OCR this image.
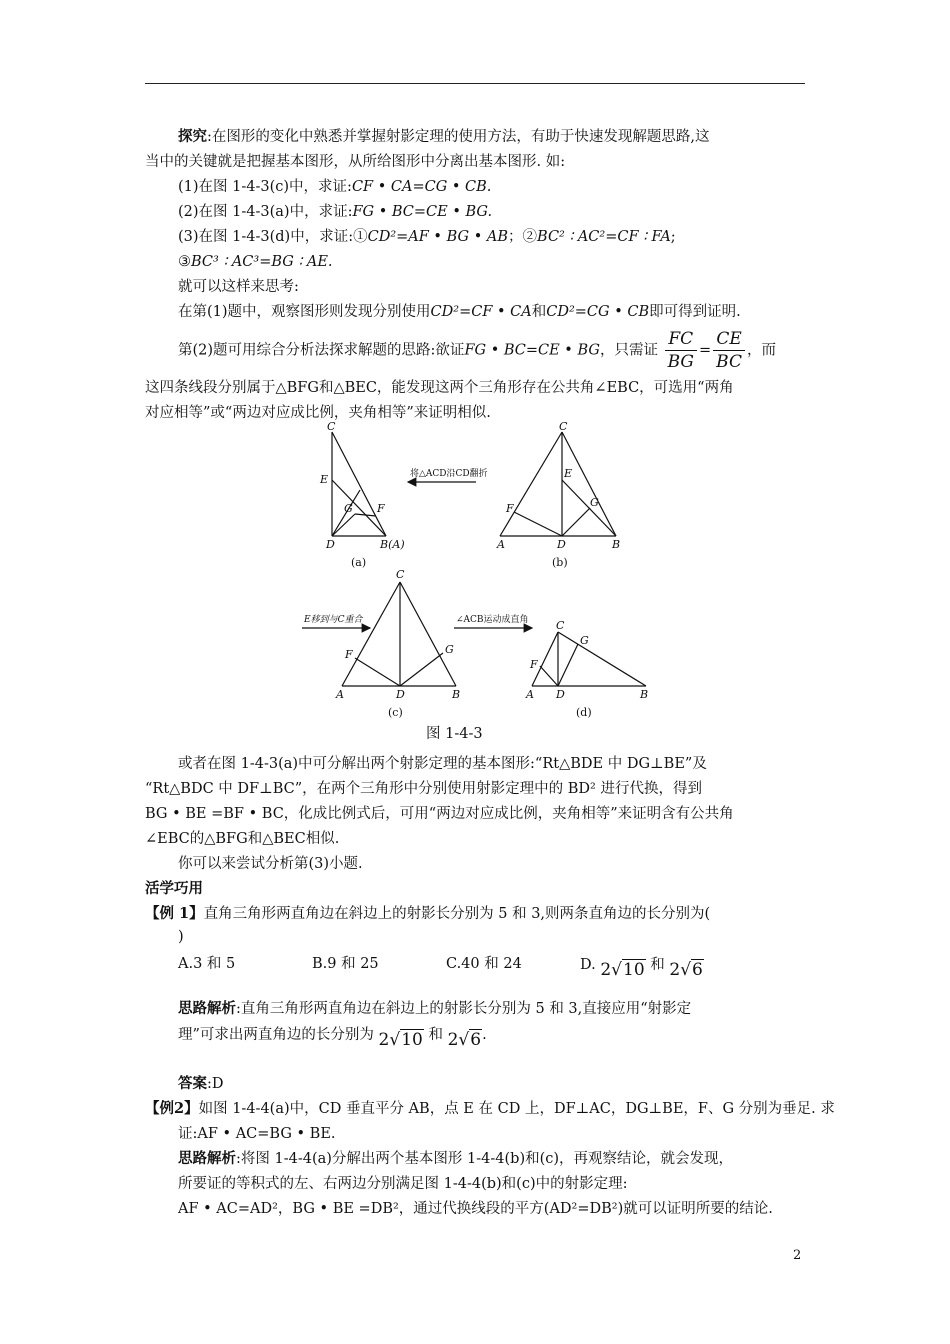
探究:在图形的变化中熟悉并掌握射影定理的使用方法，有助于快速发现解题思路,这
当中的关键就是把握基本图形，从所给图形中分离出基本图形. 如:
(1)在图 1-4-3(c)中，求证:CF • CA=CG • CB.
(2)在图 1-4-3(a)中，求证:FG • BC=CE • BG.
(3)在图 1-4-3(d)中，求证:①CD²=AF • BG • AB；②BC² ∶ AC²=CF ∶ FA;
③BC³ ∶ AC³=BG ∶ AE.
就可以这样来思考:
在第(1)题中，观察图形则发现分别使用CD²=CF • CA和CD²=CG • CB即可得到证明.
第(2)题可用综合分析法探求解题的思路:欲证FG • BC=CE • BG，只需证 $\frac{FC}{BG} = \frac{CE}{BC}$ ，而
这四条线段分别属于△BFG和△BEC，能发现这两个三角形存在公共角∠EBC，可选用“两角
对应相等”或“两边对应成比例，夹角相等”来证明相似.
C
E
G F
D	B(A)
C
E
G
F
A	D	B
C
F	G
A	D	B
C
F
G
A D	B
将△ACD沿CD翻折
E移到与C重合	∠ACB运动成直角
(a)	(b)
(c)	(d)
图 1-4-3
或者在图 1-4-3(a)中可分解出两个射影定理的基本图形:“Rt△BDE 中 DG⊥BE”及
“Rt△BDC 中 DF⊥BC”，在两个三角形中分别使用射影定理中的 BD² 进行代换，得到
BG • BE =BF • BC，化成比例式后，可用“两边对应成比例，夹角相等”来证明含有公共角
∠EBC的△BFG和△BEC相似.
你可以来尝试分析第(3)小题.
活学巧用
【例 1】直角三角形两直角边在斜边上的射影长分别为 5 和 3,则两条直角边的长分别为(
)
A.3 和 5	B.9 和 25	C.40 和 24	D. 2√10 和 2√6
思路解析:直角三角形两直角边在斜边上的射影长分别为 5 和 3,直接应用“射影定
理”可求出两直角边的长分别为 2√10 和 2√6.
答案:D
【例2】如图 1-4-4(a)中，CD 垂直平分 AB，点 E 在 CD 上，DF⊥AC，DG⊥BE，F、G 分别为垂足. 求
证:AF • AC=BG • BE.
思路解析:将图 1-4-4(a)分解出两个基本图形 1-4-4(b)和(c)，再观察结论，就会发现，
所要证的等积式的左、右两边分别满足图 1-4-4(b)和(c)中的射影定理:
AF • AC=AD²，BG • BE =DB²，通过代换线段的平方(AD²=DB²)就可以证明所要的结论.
2
